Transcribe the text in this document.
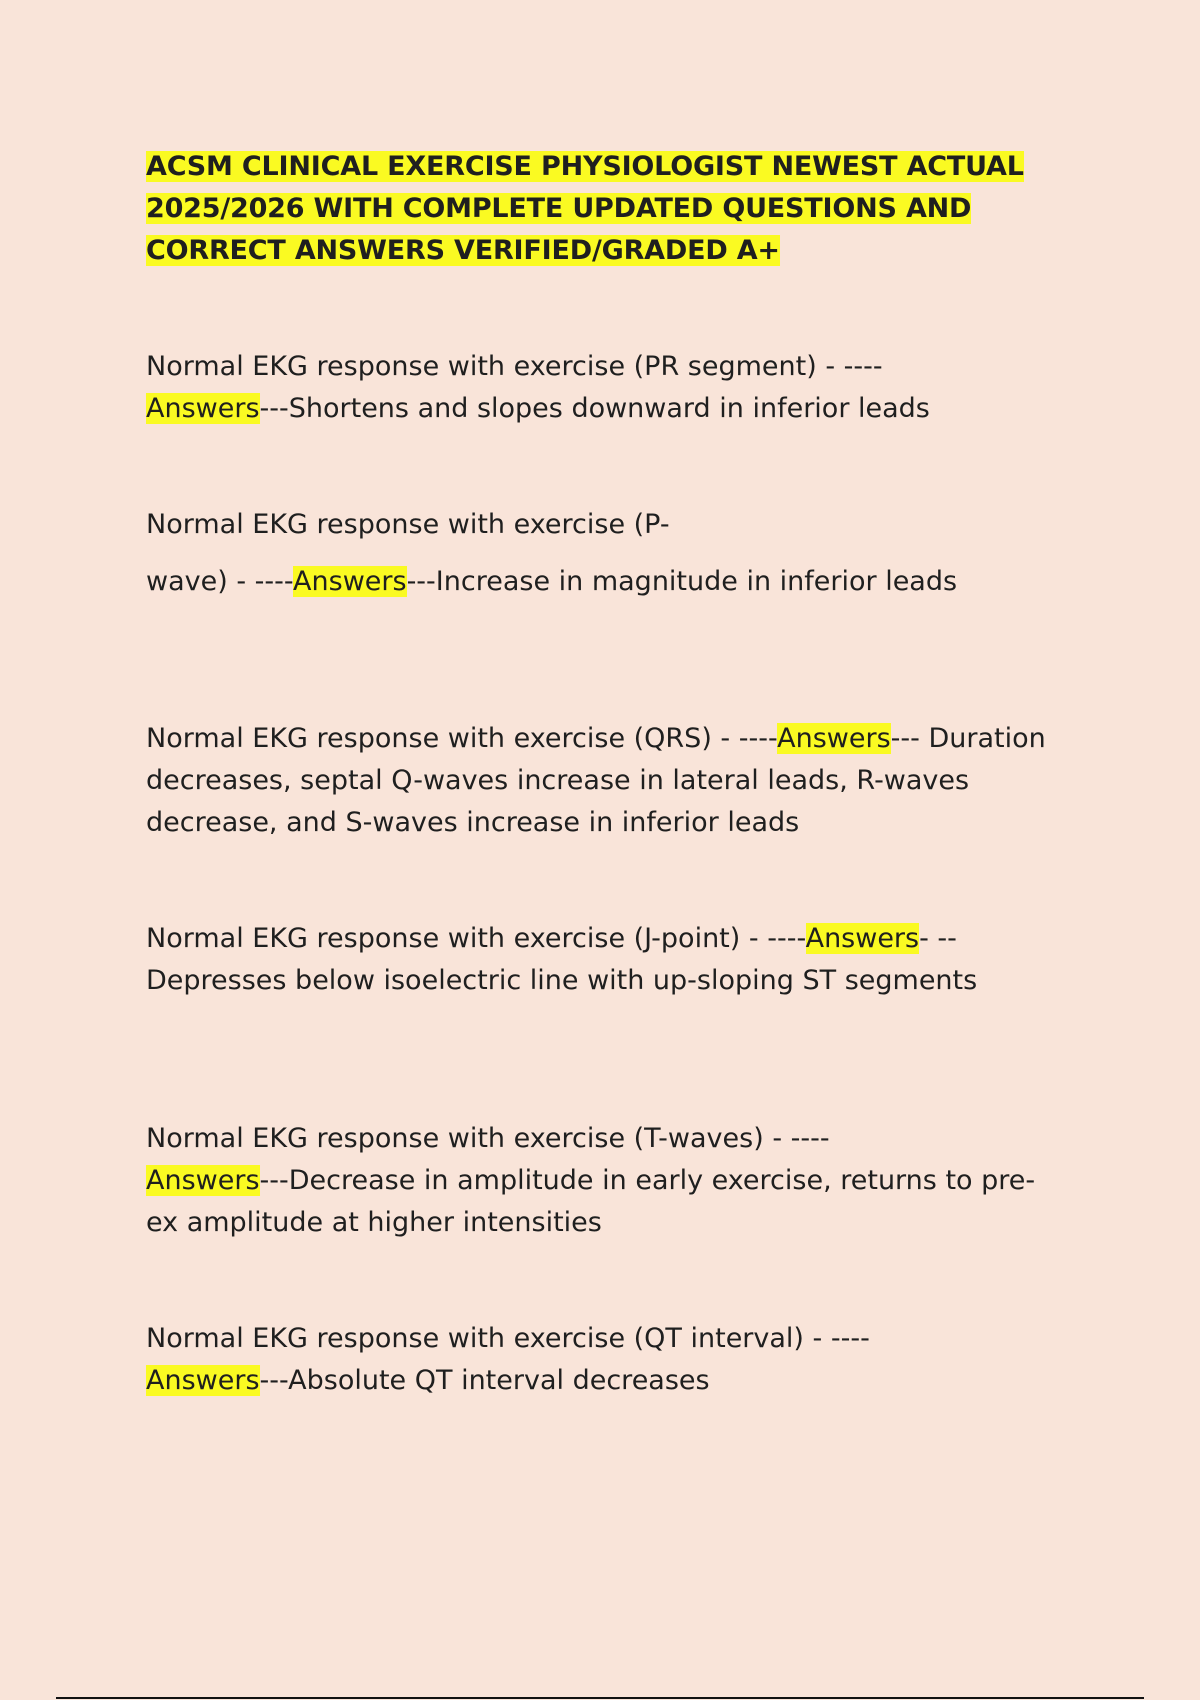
ACSM CLINICAL EXERCISE PHYSIOLOGIST NEWEST ACTUAL
2025/2026 WITH COMPLETE UPDATED QUESTIONS AND
CORRECT ANSWERS VERIFIED/GRADED A+

Normal EKG response with exercise (PR segment) - ----
Answers---Shortens and slopes downward in inferior leads

Normal EKG response with exercise (P-

wave) - ----Answers---Increase in magnitude in inferior leads

Normal EKG response with exercise (QRS) - ----Answers--- Duration decreases, septal Q-waves increase in lateral leads, R-waves decrease, and S-waves increase in inferior leads

Normal EKG response with exercise (J-point) - ----Answers- --Depresses below isoelectric line with up-sloping ST segments

Normal EKG response with exercise (T-waves) - ----
Answers---Decrease in amplitude in early exercise, returns to pre-ex amplitude at higher intensities

Normal EKG response with exercise (QT interval) - ----
Answers---Absolute QT interval decreases
